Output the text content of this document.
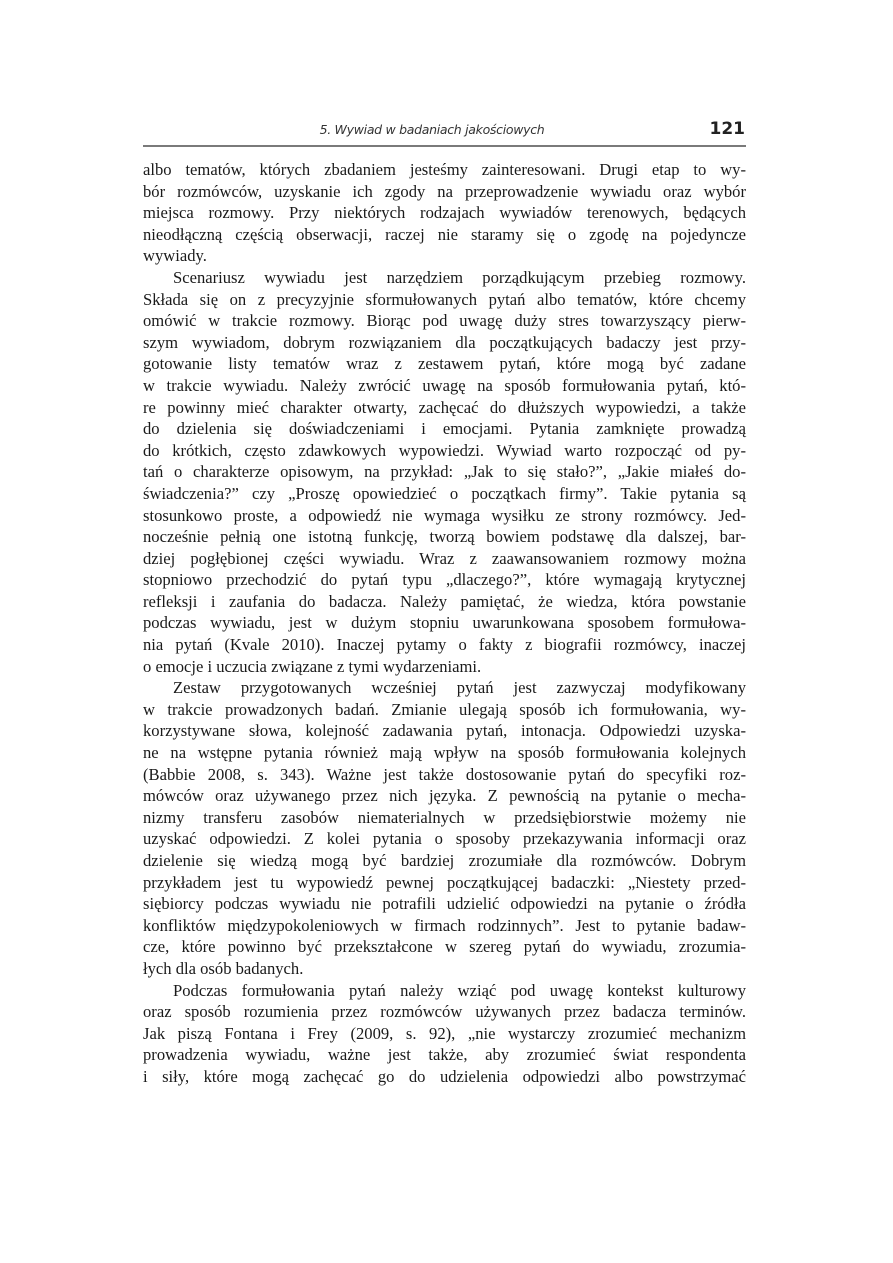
5. Wywiad w badaniach jakościowych	121
albo tematów, których zbadaniem jesteśmy zainteresowani. Drugi etap to wy-
bór rozmówców, uzyskanie ich zgody na przeprowadzenie wywiadu oraz wybór
miejsca rozmowy. Przy niektórych rodzajach wywiadów terenowych, będących
nieodłączną częścią obserwacji, raczej nie staramy się o zgodę na pojedyncze
wywiady.
Scenariusz wywiadu jest narzędziem porządkującym przebieg rozmowy.
Składa się on z precyzyjnie sformułowanych pytań albo tematów, które chcemy
omówić w trakcie rozmowy. Biorąc pod uwagę duży stres towarzyszący pierw-
szym wywiadom, dobrym rozwiązaniem dla początkujących badaczy jest przy-
gotowanie listy tematów wraz z zestawem pytań, które mogą być zadane
w trakcie wywiadu. Należy zwrócić uwagę na sposób formułowania pytań, któ-
re powinny mieć charakter otwarty, zachęcać do dłuższych wypowiedzi, a także
do dzielenia się doświadczeniami i emocjami. Pytania zamknięte prowadzą
do krótkich, często zdawkowych wypowiedzi. Wywiad warto rozpocząć od py-
tań o charakterze opisowym, na przykład: „Jak to się stało?”, „Jakie miałeś do-
świadczenia?” czy „Proszę opowiedzieć o początkach firmy”. Takie pytania są
stosunkowo proste, a odpowiedź nie wymaga wysiłku ze strony rozmówcy. Jed-
nocześnie pełnią one istotną funkcję, tworzą bowiem podstawę dla dalszej, bar-
dziej pogłębionej części wywiadu. Wraz z zaawansowaniem rozmowy można
stopniowo przechodzić do pytań typu „dlaczego?”, które wymagają krytycznej
refleksji i zaufania do badacza. Należy pamiętać, że wiedza, która powstanie
podczas wywiadu, jest w dużym stopniu uwarunkowana sposobem formułowa-
nia pytań (Kvale 2010). Inaczej pytamy o fakty z biografii rozmówcy, inaczej
o emocje i uczucia związane z tymi wydarzeniami.
Zestaw przygotowanych wcześniej pytań jest zazwyczaj modyfikowany
w trakcie prowadzonych badań. Zmianie ulegają sposób ich formułowania, wy-
korzystywane słowa, kolejność zadawania pytań, intonacja. Odpowiedzi uzyska-
ne na wstępne pytania również mają wpływ na sposób formułowania kolejnych
(Babbie 2008, s. 343). Ważne jest także dostosowanie pytań do specyfiki roz-
mówców oraz używanego przez nich języka. Z pewnością na pytanie o mecha-
nizmy transferu zasobów niematerialnych w przedsiębiorstwie możemy nie
uzyskać odpowiedzi. Z kolei pytania o sposoby przekazywania informacji oraz
dzielenie się wiedzą mogą być bardziej zrozumiałe dla rozmówców. Dobrym
przykładem jest tu wypowiedź pewnej początkującej badaczki: „Niestety przed-
siębiorcy podczas wywiadu nie potrafili udzielić odpowiedzi na pytanie o źródła
konfliktów międzypokoleniowych w firmach rodzinnych”. Jest to pytanie badaw-
cze, które powinno być przekształcone w szereg pytań do wywiadu, zrozumia-
łych dla osób badanych.
Podczas formułowania pytań należy wziąć pod uwagę kontekst kulturowy
oraz sposób rozumienia przez rozmówców używanych przez badacza terminów.
Jak piszą Fontana i Frey (2009, s. 92), „nie wystarczy zrozumieć mechanizm
prowadzenia wywiadu, ważne jest także, aby zrozumieć świat respondenta
i siły, które mogą zachęcać go do udzielenia odpowiedzi albo powstrzymać
